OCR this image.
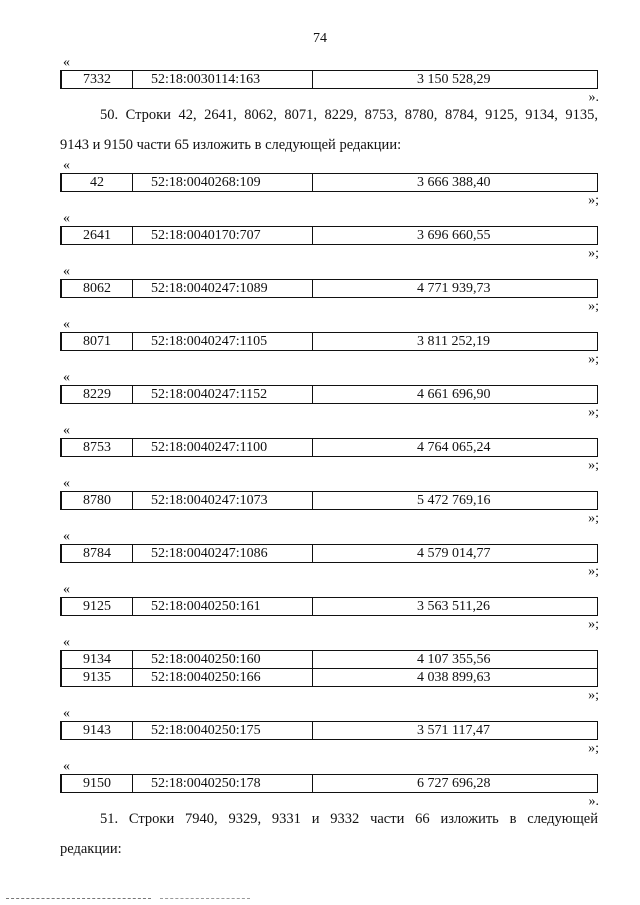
74
«
7332	52:18:0030114:163	3 150 528,29
».
50. Строки 42, 2641, 8062, 8071, 8229, 8753, 8780, 8784, 9125, 9134, 9135,
9143 и 9150 части 65 изложить в следующей редакции:
«
42	52:18:0040268:109	3 666 388,40
»;
«
2641	52:18:0040170:707	3 696 660,55
»;
«
8062	52:18:0040247:1089	4 771 939,73
»;
«
8071	52:18:0040247:1105	3 811 252,19
»;
«
8229	52:18:0040247:1152	4 661 696,90
»;
«
8753	52:18:0040247:1100	4 764 065,24
»;
«
8780	52:18:0040247:1073	5 472 769,16
»;
«
8784	52:18:0040247:1086	4 579 014,77
»;
«
9125	52:18:0040250:161	3 563 511,26
»;
«
9134	52:18:0040250:160	4 107 355,56
9135	52:18:0040250:166	4 038 899,63
»;
«
9143	52:18:0040250:175	3 571 117,47
»;
«
9150	52:18:0040250:178	6 727 696,28
».
51. Строки 7940, 9329, 9331 и 9332 части 66 изложить в следующей
редакции:
